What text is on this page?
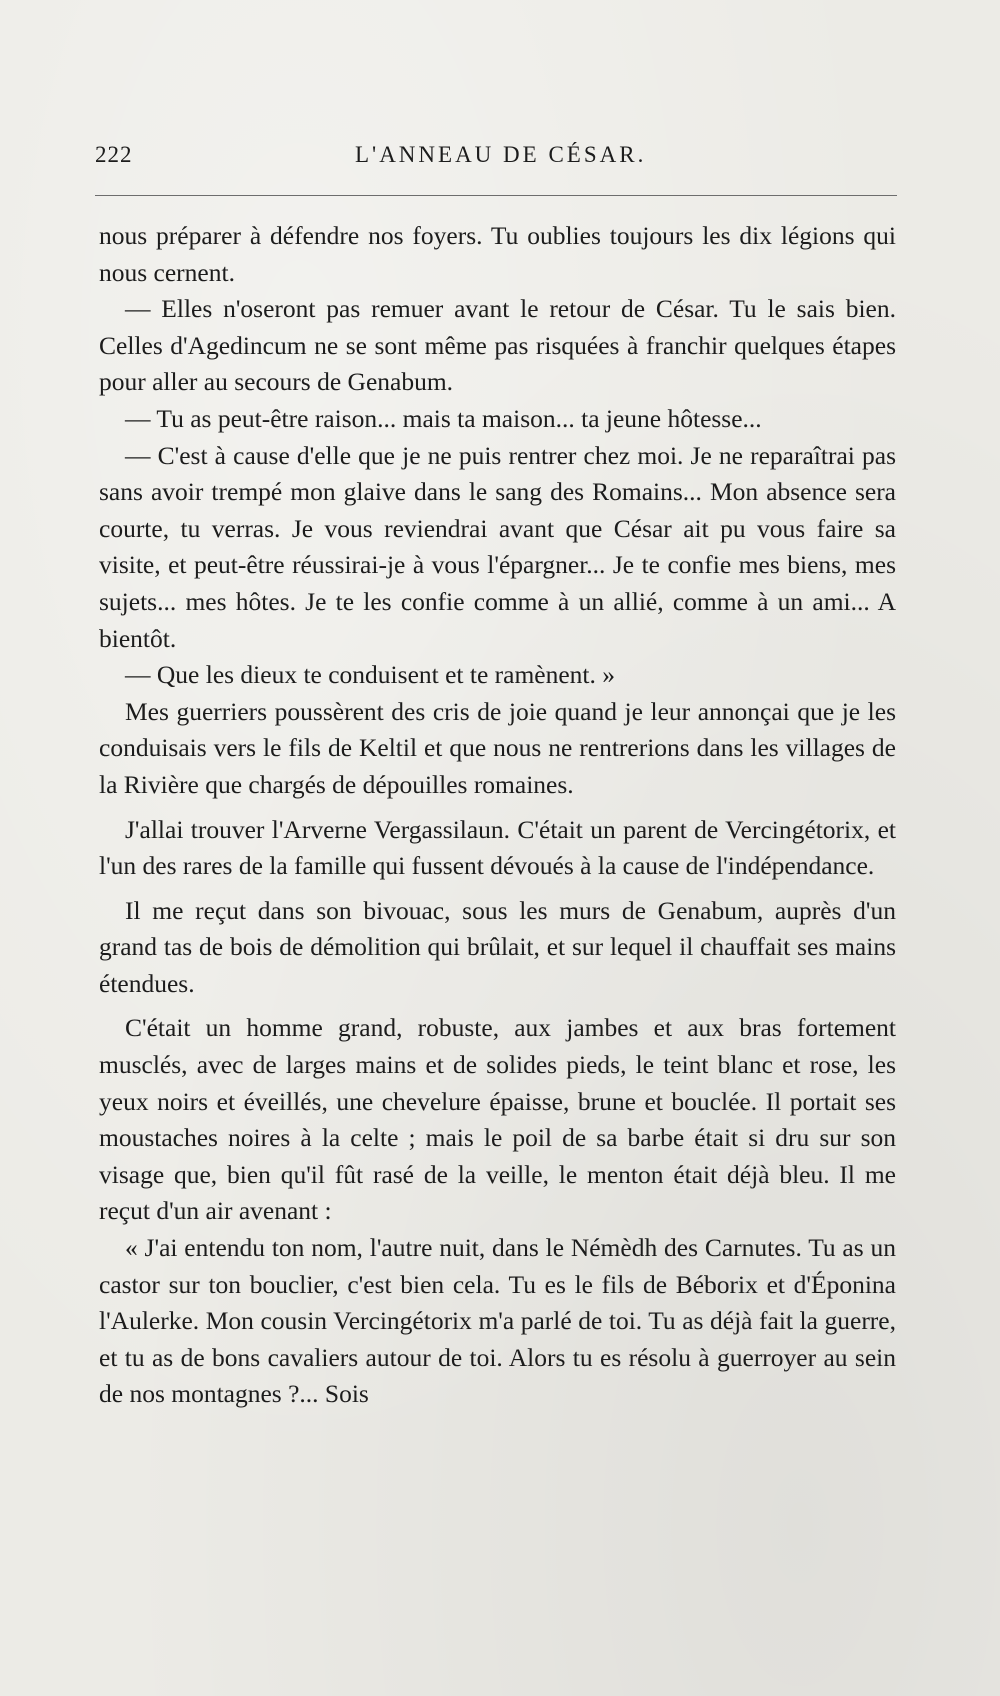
222	L'ANNEAU DE CÉSAR.

nous préparer à défendre nos foyers. Tu oublies toujours les dix légions qui nous cernent.

— Elles n'oseront pas remuer avant le retour de César. Tu le sais bien. Celles d'Agedincum ne se sont même pas risquées à franchir quelques étapes pour aller au secours de Genabum.

— Tu as peut-être raison... mais ta maison... ta jeune hôtesse...

— C'est à cause d'elle que je ne puis rentrer chez moi. Je ne reparaîtrai pas sans avoir trempé mon glaive dans le sang des Romains... Mon absence sera courte, tu verras. Je vous reviendrai avant que César ait pu vous faire sa visite, et peut-être réussirai-je à vous l'épargner... Je te confie mes biens, mes sujets... mes hôtes. Je te les confie comme à un allié, comme à un ami... A bientôt.

— Que les dieux te conduisent et te ramènent. »

Mes guerriers poussèrent des cris de joie quand je leur annonçai que je les conduisais vers le fils de Keltil et que nous ne rentrerions dans les villages de la Rivière que chargés de dépouilles romaines.

J'allai trouver l'Arverne Vergassilaun. C'était un parent de Vercingétorix, et l'un des rares de la famille qui fussent dévoués à la cause de l'indépendance.

Il me reçut dans son bivouac, sous les murs de Genabum, auprès d'un grand tas de bois de démolition qui brûlait, et sur lequel il chauffait ses mains étendues.

C'était un homme grand, robuste, aux jambes et aux bras fortement musclés, avec de larges mains et de solides pieds, le teint blanc et rose, les yeux noirs et éveillés, une chevelure épaisse, brune et bouclée. Il portait ses moustaches noires à la celte ; mais le poil de sa barbe était si dru sur son visage que, bien qu'il fût rasé de la veille, le menton était déjà bleu. Il me reçut d'un air avenant :

« J'ai entendu ton nom, l'autre nuit, dans le Némèdh des Carnutes. Tu as un castor sur ton bouclier, c'est bien cela. Tu es le fils de Béborix et d'Éponina l'Aulerke. Mon cousin Vercingétorix m'a parlé de toi. Tu as déjà fait la guerre, et tu as de bons cavaliers autour de toi. Alors tu es résolu à guerroyer au sein de nos montagnes ?... Sois
